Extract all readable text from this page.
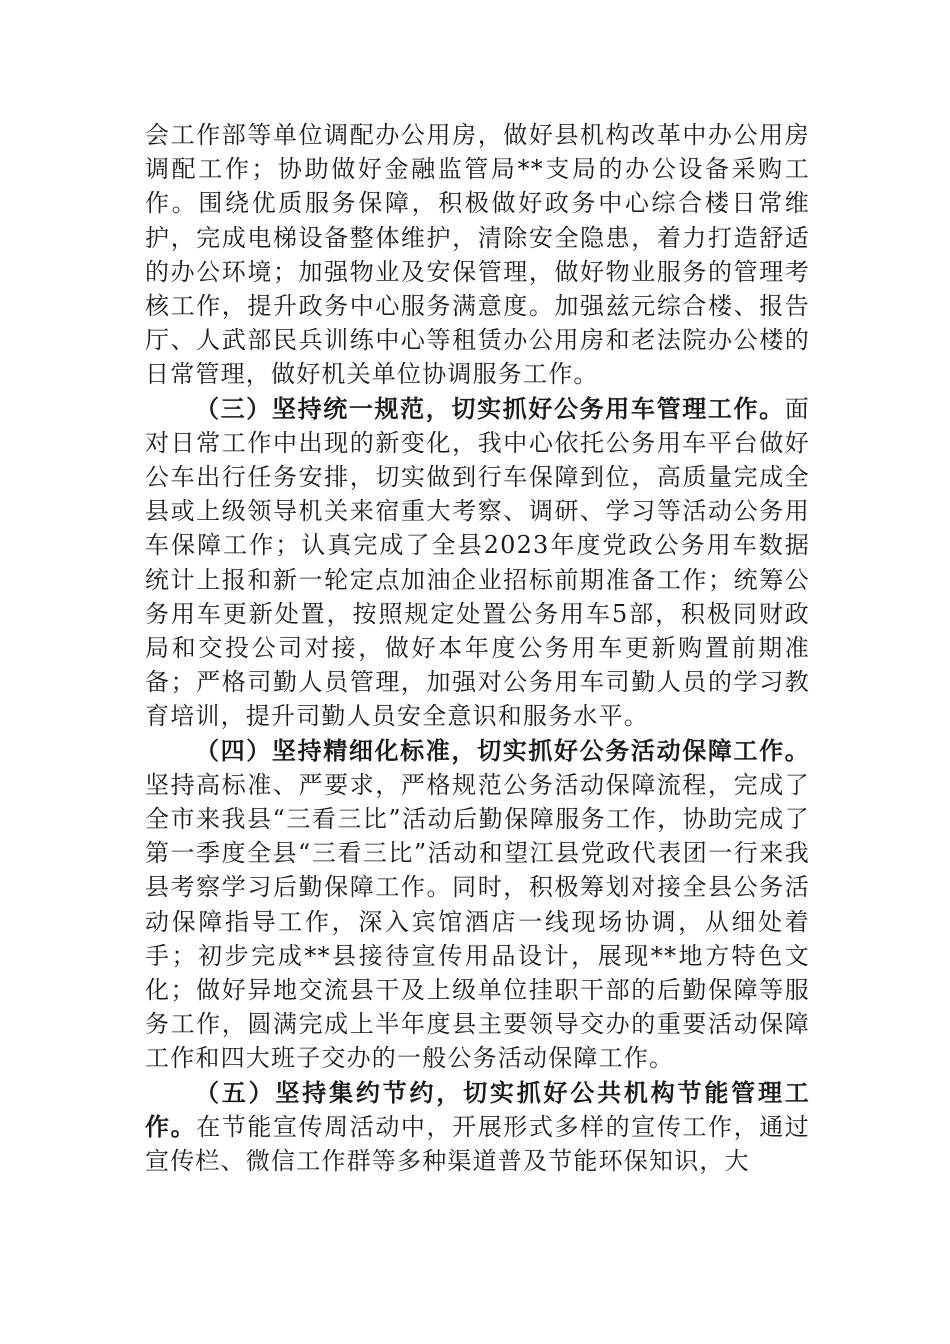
会工作部等单位调配办公用房，做好县机构改革中办公用房调配工作；协助做好金融监管局**支局的办公设备采购工作。围绕优质服务保障，积极做好政务中心综合楼日常维护，完成电梯设备整体维护，清除安全隐患，着力打造舒适的办公环境；加强物业及安保管理，做好物业服务的管理考核工作，提升政务中心服务满意度。加强兹元综合楼、报告厅、人武部民兵训练中心等租赁办公用房和老法院办公楼的日常管理，做好机关单位协调服务工作。

（三）坚持统一规范，切实抓好公务用车管理工作。面对日常工作中出现的新变化，我中心依托公务用车平台做好公车出行任务安排，切实做到行车保障到位，高质量完成全县或上级领导机关来宿重大考察、调研、学习等活动公务用车保障工作；认真完成了全县2023年度党政公务用车数据统计上报和新一轮定点加油企业招标前期准备工作；统筹公务用车更新处置，按照规定处置公务用车5部，积极同财政局和交投公司对接，做好本年度公务用车更新购置前期准备；严格司勤人员管理，加强对公务用车司勤人员的学习教育培训，提升司勤人员安全意识和服务水平。

（四）坚持精细化标准，切实抓好公务活动保障工作。坚持高标准、严要求，严格规范公务活动保障流程，完成了全市来我县“三看三比”活动后勤保障服务工作，协助完成了第一季度全县“三看三比”活动和望江县党政代表团一行来我县考察学习后勤保障工作。同时，积极筹划对接全县公务活动保障指导工作，深入宾馆酒店一线现场协调，从细处着手；初步完成**县接待宣传用品设计，展现**地方特色文化；做好异地交流县干及上级单位挂职干部的后勤保障等服务工作，圆满完成上半年度县主要领导交办的重要活动保障工作和四大班子交办的一般公务活动保障工作。

（五）坚持集约节约，切实抓好公共机构节能管理工作。在节能宣传周活动中，开展形式多样的宣传工作，通过宣传栏、微信工作群等多种渠道普及节能环保知识，大
